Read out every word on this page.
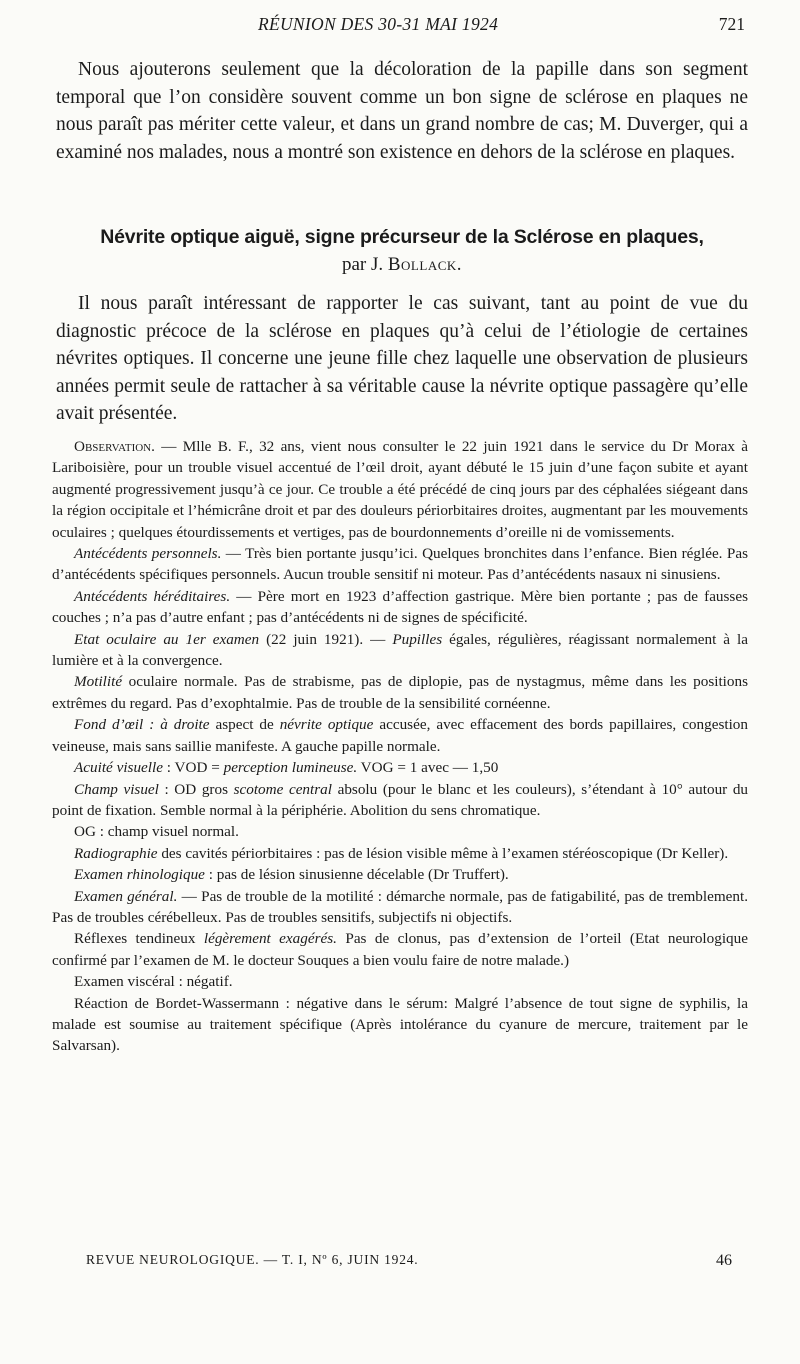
RÉUNION DES 30-31 MAI 1924	721

Nous ajouterons seulement que la décoloration de la papille dans son segment temporal que l’on considère souvent comme un bon signe de sclérose en plaques ne nous paraît pas mériter cette valeur, et dans un grand nombre de cas; M. Duverger, qui a examiné nos malades, nous a montré son existence en dehors de la sclérose en plaques.

Névrite optique aiguë, signe précurseur de la Sclérose en plaques,
par J. Bollack.

Il nous paraît intéressant de rapporter le cas suivant, tant au point de vue du diagnostic précoce de la sclérose en plaques qu’à celui de l’étiologie de certaines névrites optiques. Il concerne une jeune fille chez laquelle une observation de plusieurs années permit seule de rattacher à sa véritable cause la névrite optique passagère qu’elle avait présentée.

Observation. — Mlle B. F., 32 ans, vient nous consulter le 22 juin 1921 dans le service du Dr Morax à Lariboisière, pour un trouble visuel accentué de l’œil droit, ayant débuté le 15 juin d’une façon subite et ayant augmenté progressivement jusqu’à ce jour. Ce trouble a été précédé de cinq jours par des céphalées siégeant dans la région occipitale et l’hémicrâne droit et par des douleurs périorbitaires droites, augmentant par les mouvements oculaires ; quelques étourdissements et vertiges, pas de bourdonnements d’oreille ni de vomissements.

Antécédents personnels. — Très bien portante jusqu’ici. Quelques bronchites dans l’enfance. Bien réglée. Pas d’antécédents spécifiques personnels. Aucun trouble sensitif ni moteur. Pas d’antécédents nasaux ni sinusiens.

Antécédents héréditaires. — Père mort en 1923 d’affection gastrique. Mère bien portante ; pas de fausses couches ; n’a pas d’autre enfant ; pas d’antécédents ni de signes de spécificité.

Etat oculaire au 1er examen (22 juin 1921). — Pupilles égales, régulières, réagissant normalement à la lumière et à la convergence.

Motilité oculaire normale. Pas de strabisme, pas de diplopie, pas de nystagmus, même dans les positions extrêmes du regard. Pas d’exophtalmie. Pas de trouble de la sensibilité cornéenne.

Fond d’œil : à droite aspect de névrite optique accusée, avec effacement des bords papillaires, congestion veineuse, mais sans saillie manifeste. A gauche papille normale.

Acuité visuelle : VOD = perception lumineuse. VOG = 1 avec — 1,50

Champ visuel : OD gros scotome central absolu (pour le blanc et les couleurs), s’étendant à 10° autour du point de fixation. Semble normal à la périphérie. Abolition du sens chromatique.

OG : champ visuel normal.

Radiographie des cavités périorbitaires : pas de lésion visible même à l’examen stéréoscopique (Dr Keller).

Examen rhinologique : pas de lésion sinusienne décelable (Dr Truffert).

Examen général. — Pas de trouble de la motilité : démarche normale, pas de fatigabilité, pas de tremblement. Pas de troubles cérébelleux. Pas de troubles sensitifs, subjectifs ni objectifs.

Réflexes tendineux légèrement exagérés. Pas de clonus, pas d’extension de l’orteil (Etat neurologique confirmé par l’examen de M. le docteur Souques a bien voulu faire de notre malade.)

Examen viscéral : négatif.

Réaction de Bordet-Wassermann : négative dans le sérum: Malgré l’absence de tout signe de syphilis, la malade est soumise au traitement spécifique (Après intolérance du cyanure de mercure, traitement par le Salvarsan).

REVUE NEUROLOGIQUE. — T. I, Nº 6, JUIN 1924.	46
